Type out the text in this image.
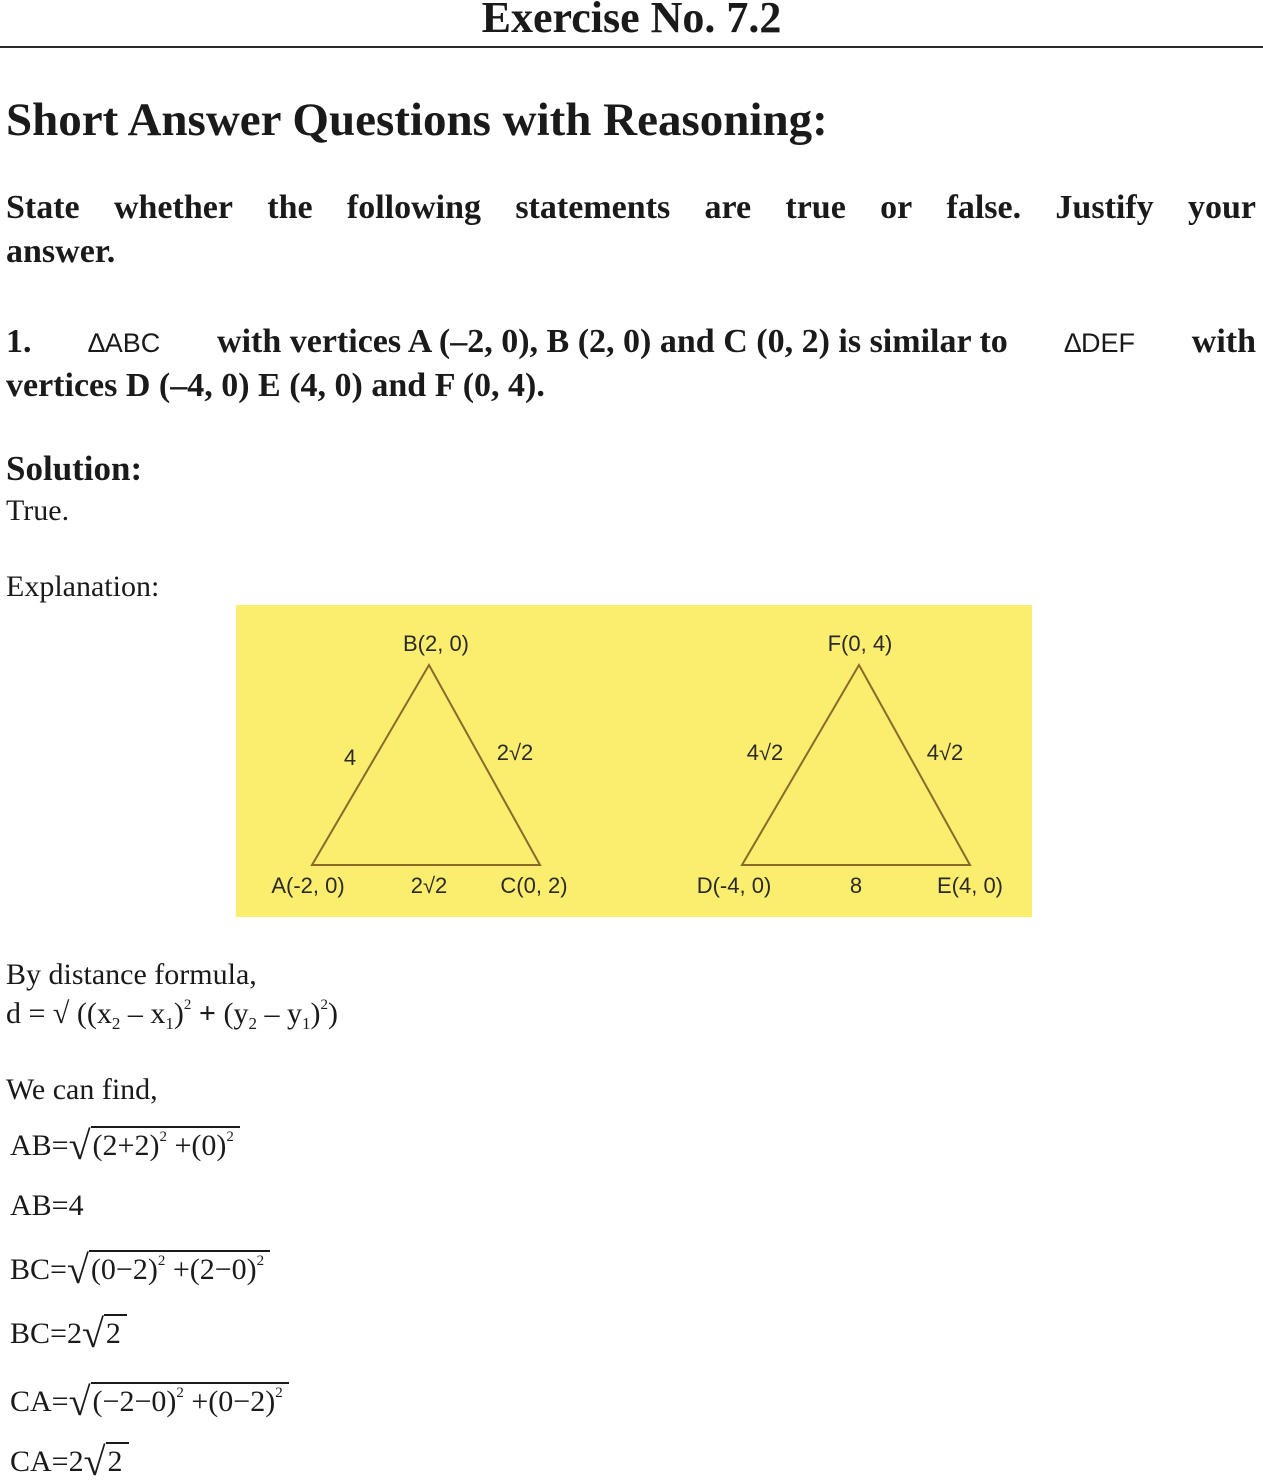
Exercise No. 7.2
Short Answer Questions with Reasoning:
State whether the following statements are true or false. Justify your
answer.
1. ∆ABC with vertices A (–2, 0), B (2, 0) and C (0, 2) is similar to ∆DEF with
vertices D (–4, 0) E (4, 0) and F (0, 4).
Solution:
True.
Explanation:
B(2, 0)
A(-2, 0)	C(0, 2)
4	2√2
2√2
F(0, 4)
D(-4, 0)	E(4, 0)
4√2	4√2
8
By distance formula,
d = √ $((x_2 - x_1)^2 + (y_2 - y_1)^2)$
We can find,
$AB=√(2+2)^2 +(0)^2$
AB=4
$BC=√(0-2)^2 +(2-0)^2$
BC=2√2
$CA=√(-2-0)^2 +(0-2)^2$
CA=2√2
